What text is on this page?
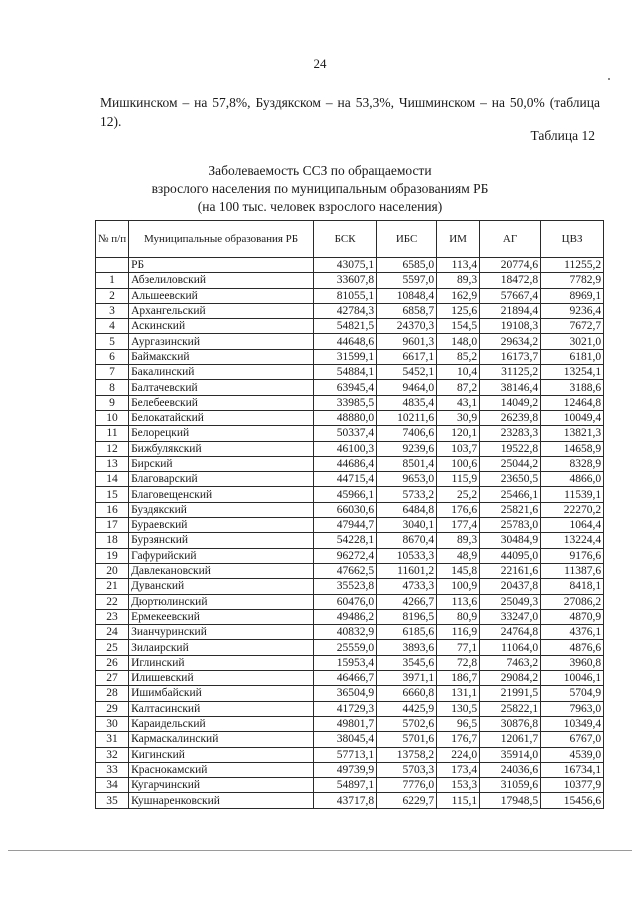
24
Мишкинском – на 57,8%, Буздякском – на 53,3%, Чишминском – на 50,0% (таблица 12).
Таблица 12
Заболеваемость ССЗ по обращаемости
взрослого населения по муниципальным образованиям РБ
(на 100 тыс. человек взрослого населения)
№ п/п	Муниципальные образования РБ	БСК	ИБС	ИМ	АГ	ЦВЗ
	РБ	43075,1	6585,0	113,4	20774,6	11255,2
1	Абзелиловский	33607,8	5597,0	89,3	18472,8	7782,9
2	Альшеевский	81055,1	10848,4	162,9	57667,4	8969,1
3	Архангельский	42784,3	6858,7	125,6	21894,4	9236,4
4	Аскинский	54821,5	24370,3	154,5	19108,3	7672,7
5	Аургазинский	44648,6	9601,3	148,0	29634,2	3021,0
6	Баймакский	31599,1	6617,1	85,2	16173,7	6181,0
7	Бакалинский	54884,1	5452,1	10,4	31125,2	13254,1
8	Балтачевский	63945,4	9464,0	87,2	38146,4	3188,6
9	Белебеевский	33985,5	4835,4	43,1	14049,2	12464,8
10	Белокатайский	48880,0	10211,6	30,9	26239,8	10049,4
11	Белорецкий	50337,4	7406,6	120,1	23283,3	13821,3
12	Бижбулякский	46100,3	9239,6	103,7	19522,8	14658,9
13	Бирский	44686,4	8501,4	100,6	25044,2	8328,9
14	Благоварский	44715,4	9653,0	115,9	23650,5	4866,0
15	Благовещенский	45966,1	5733,2	25,2	25466,1	11539,1
16	Буздякский	66030,6	6484,8	176,6	25821,6	22270,2
17	Бураевский	47944,7	3040,1	177,4	25783,0	1064,4
18	Бурзянский	54228,1	8670,4	89,3	30484,9	13224,4
19	Гафурийский	96272,4	10533,3	48,9	44095,0	9176,6
20	Давлекановский	47662,5	11601,2	145,8	22161,6	11387,6
21	Дуванский	35523,8	4733,3	100,9	20437,8	8418,1
22	Дюртюлинский	60476,0	4266,7	113,6	25049,3	27086,2
23	Ермекеевский	49486,2	8196,5	80,9	33247,0	4870,9
24	Зианчуринский	40832,9	6185,6	116,9	24764,8	4376,1
25	Зилаирский	25559,0	3893,6	77,1	11064,0	4876,6
26	Иглинский	15953,4	3545,6	72,8	7463,2	3960,8
27	Илишевский	46466,7	3971,1	186,7	29084,2	10046,1
28	Ишимбайский	36504,9	6660,8	131,1	21991,5	5704,9
29	Калтасинский	41729,3	4425,9	130,5	25822,1	7963,0
30	Караидельский	49801,7	5702,6	96,5	30876,8	10349,4
31	Кармаскалинский	38045,4	5701,6	176,7	12061,7	6767,0
32	Кигинский	57713,1	13758,2	224,0	35914,0	4539,0
33	Краснокамский	49739,9	5703,3	173,4	24036,6	16734,1
34	Кугарчинский	54897,1	7776,0	153,3	31059,6	10377,9
35	Кушнаренковский	43717,8	6229,7	115,1	17948,5	15456,6
